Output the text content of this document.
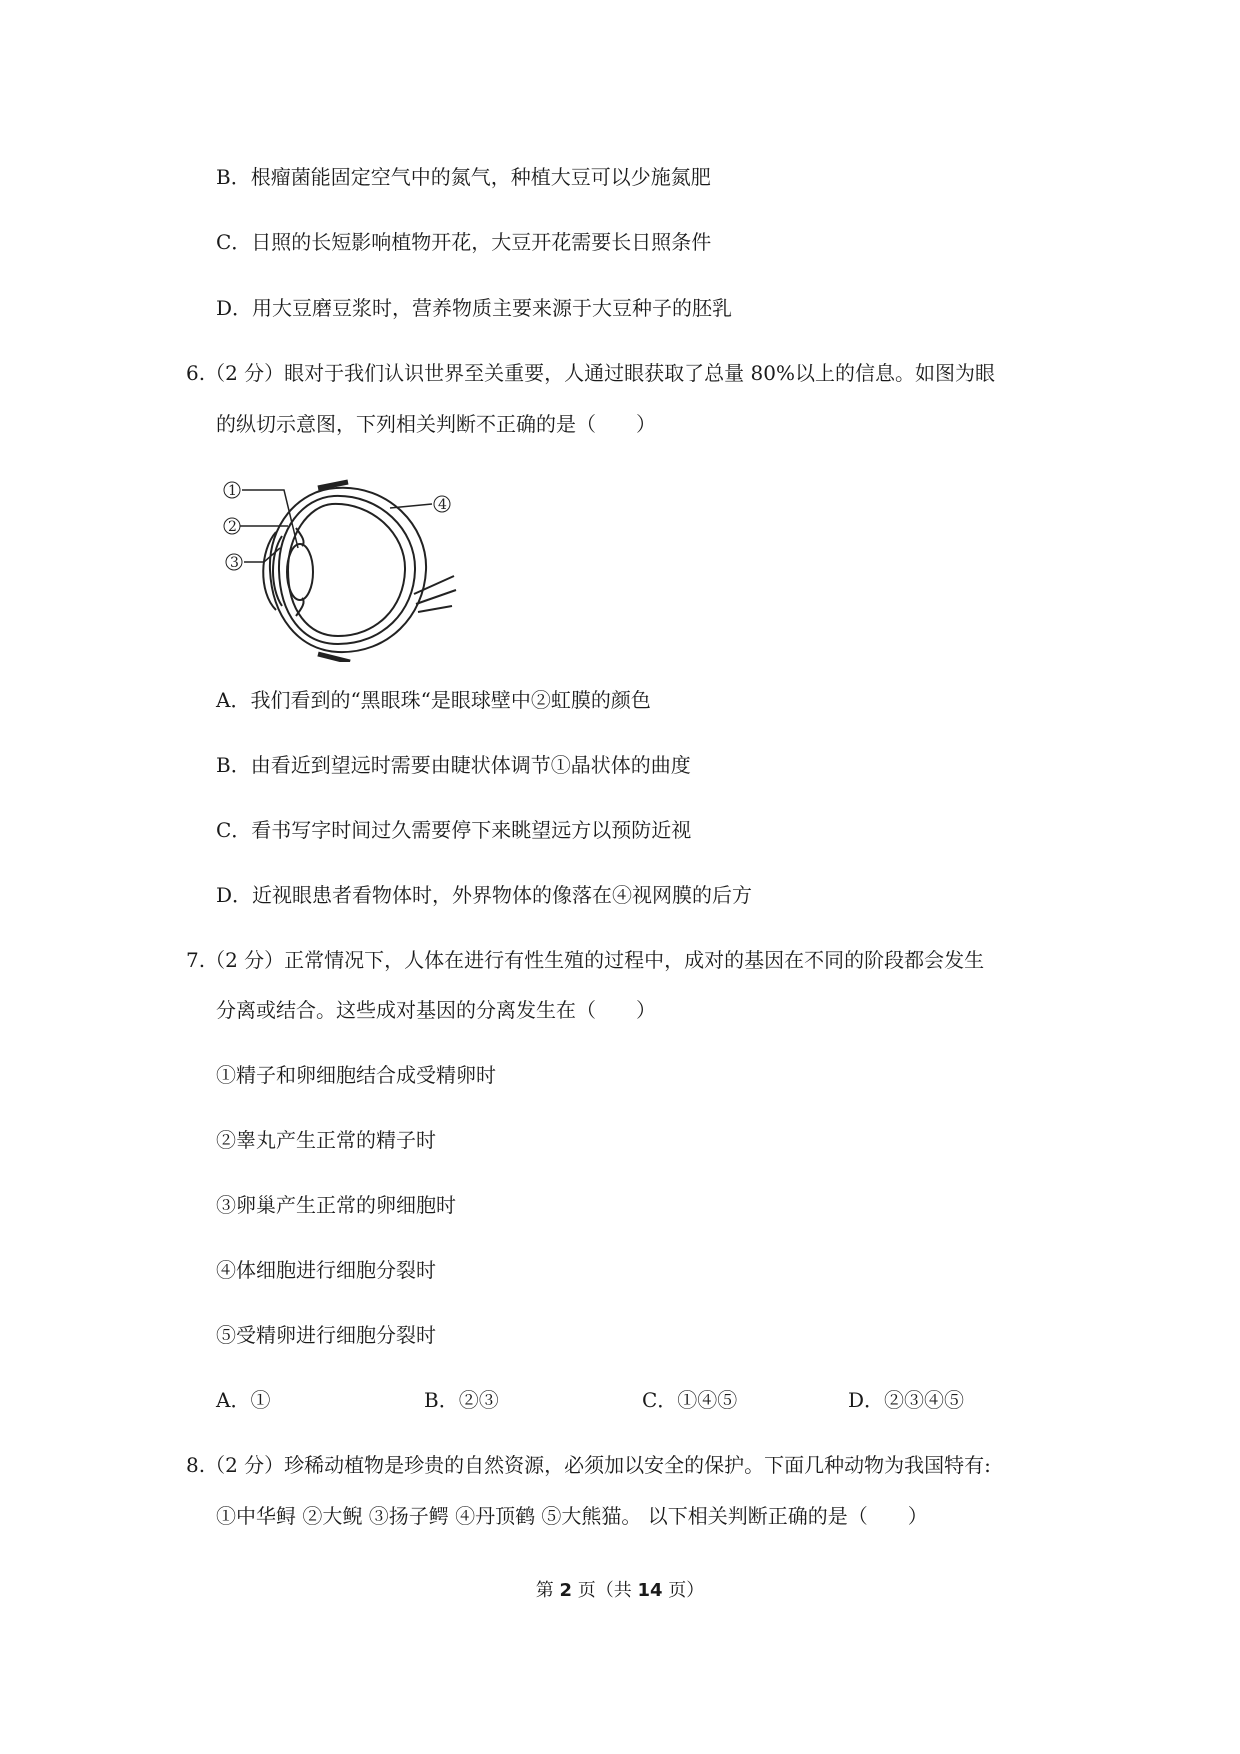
B．根瘤菌能固定空气中的氮气，种植大豆可以少施氮肥
C．日照的长短影响植物开花，大豆开花需要长日照条件
D．用大豆磨豆浆时，营养物质主要来源于大豆种子的胚乳
6.（2 分）眼对于我们认识世界至关重要，人通过眼获取了总量 80%以上的信息。如图为眼
的纵切示意图，下列相关判断不正确的是（　　）
1
2
3
4
A．我们看到的“黑眼珠“是眼球壁中②虹膜的颜色
B．由看近到望远时需要由睫状体调节①晶状体的曲度
C．看书写字时间过久需要停下来眺望远方以预防近视
D．近视眼患者看物体时，外界物体的像落在④视网膜的后方
7.（2 分）正常情况下，人体在进行有性生殖的过程中，成对的基因在不同的阶段都会发生
分离或结合。这些成对基因的分离发生在（　　）
①精子和卵细胞结合成受精卵时
②睾丸产生正常的精子时
③卵巢产生正常的卵细胞时
④体细胞进行细胞分裂时
⑤受精卵进行细胞分裂时
A．①	B．②③	C．①④⑤	D．②③④⑤
8.（2 分）珍稀动植物是珍贵的自然资源，必须加以安全的保护。下面几种动物为我国特有:
①中华鲟 ②大鲵 ③扬子鳄 ④丹顶鹤 ⑤大熊猫。 以下相关判断正确的是（　　）
第 2 页（共 14 页）
